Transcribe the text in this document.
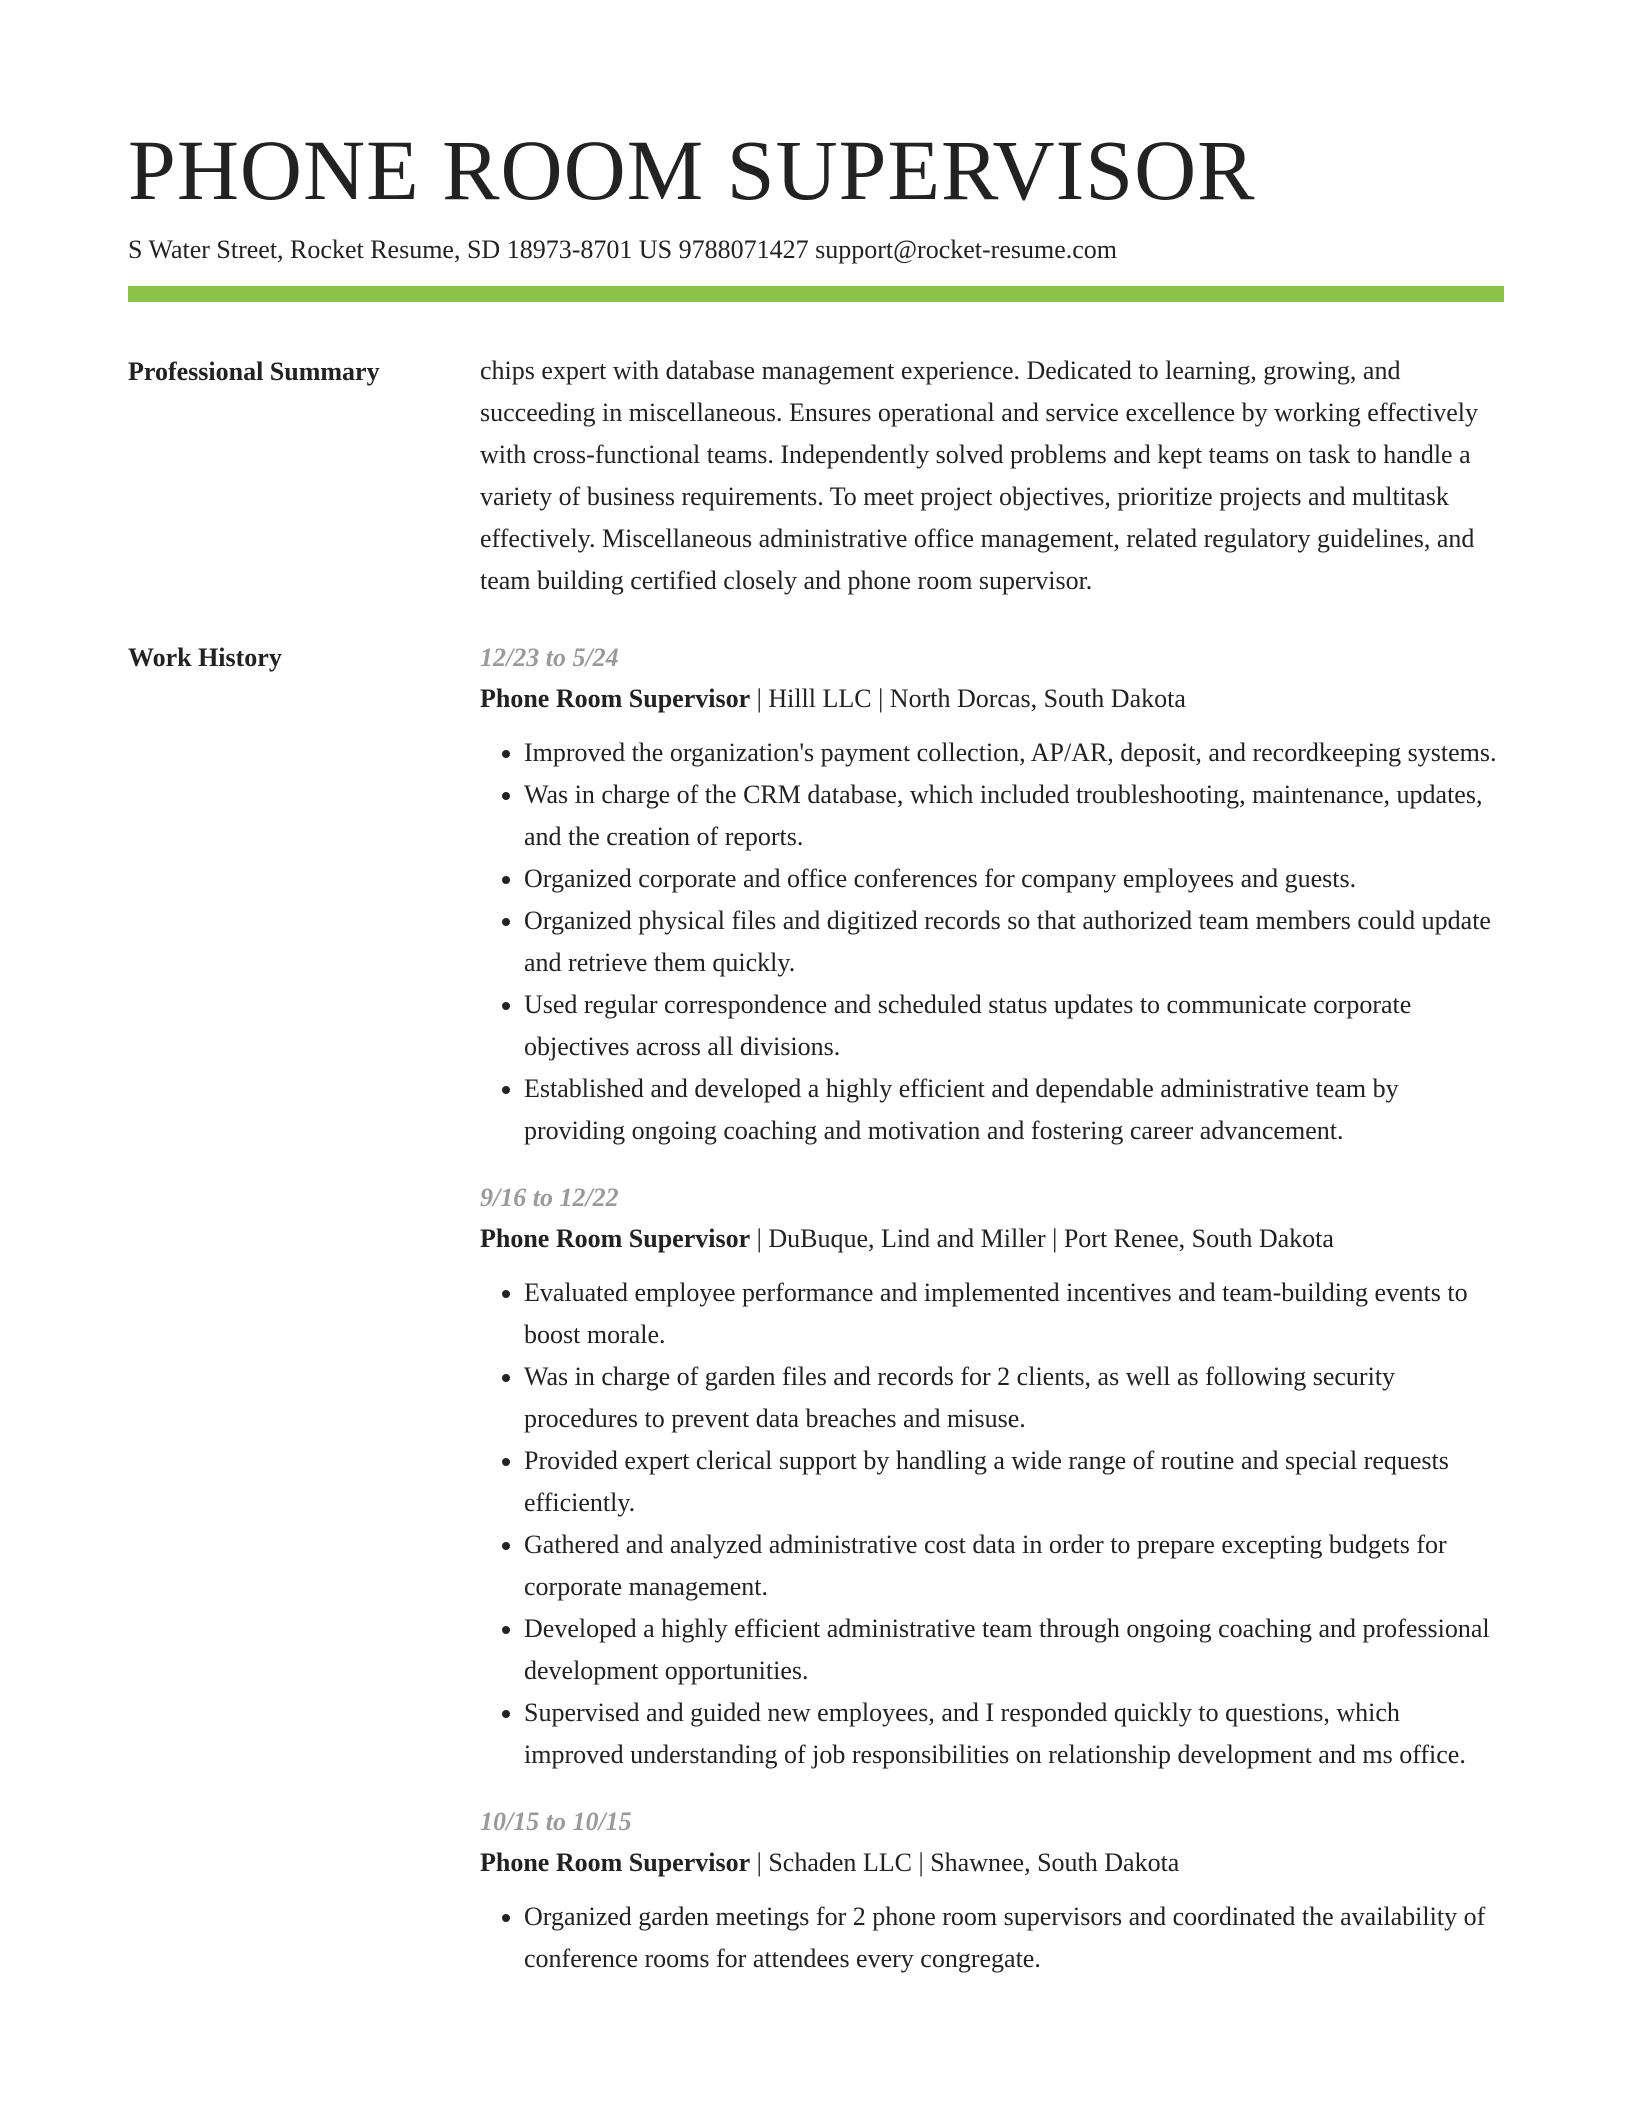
PHONE ROOM SUPERVISOR
S Water Street, Rocket Resume, SD 18973-8701 US 9788071427 support@rocket-resume.com
Professional Summary	chips expert with database management experience. Dedicated to learning, growing, and succeeding in miscellaneous. Ensures operational and service excellence by working effectively with cross-functional teams. Independently solved problems and kept teams on task to handle a variety of business requirements. To meet project objectives, prioritize projects and multitask effectively. Miscellaneous administrative office management, related regulatory guidelines, and team building certified closely and phone room supervisor.

Work History	12/23 to 5/24
Phone Room Supervisor | Hilll LLC | North Dorcas, South Dakota
• Improved the organization's payment collection, AP/AR, deposit, and recordkeeping systems.
• Was in charge of the CRM database, which included troubleshooting, maintenance, updates, and the creation of reports.
• Organized corporate and office conferences for company employees and guests.
• Organized physical files and digitized records so that authorized team members could update and retrieve them quickly.
• Used regular correspondence and scheduled status updates to communicate corporate objectives across all divisions.
• Established and developed a highly efficient and dependable administrative team by providing ongoing coaching and motivation and fostering career advancement.
9/16 to 12/22
Phone Room Supervisor | DuBuque, Lind and Miller | Port Renee, South Dakota
• Evaluated employee performance and implemented incentives and team-building events to boost morale.
• Was in charge of garden files and records for 2 clients, as well as following security procedures to prevent data breaches and misuse.
• Provided expert clerical support by handling a wide range of routine and special requests efficiently.
• Gathered and analyzed administrative cost data in order to prepare excepting budgets for corporate management.
• Developed a highly efficient administrative team through ongoing coaching and professional development opportunities.
• Supervised and guided new employees, and I responded quickly to questions, which improved understanding of job responsibilities on relationship development and ms office.
10/15 to 10/15
Phone Room Supervisor | Schaden LLC | Shawnee, South Dakota
• Organized garden meetings for 2 phone room supervisors and coordinated the availability of conference rooms for attendees every congregate.
